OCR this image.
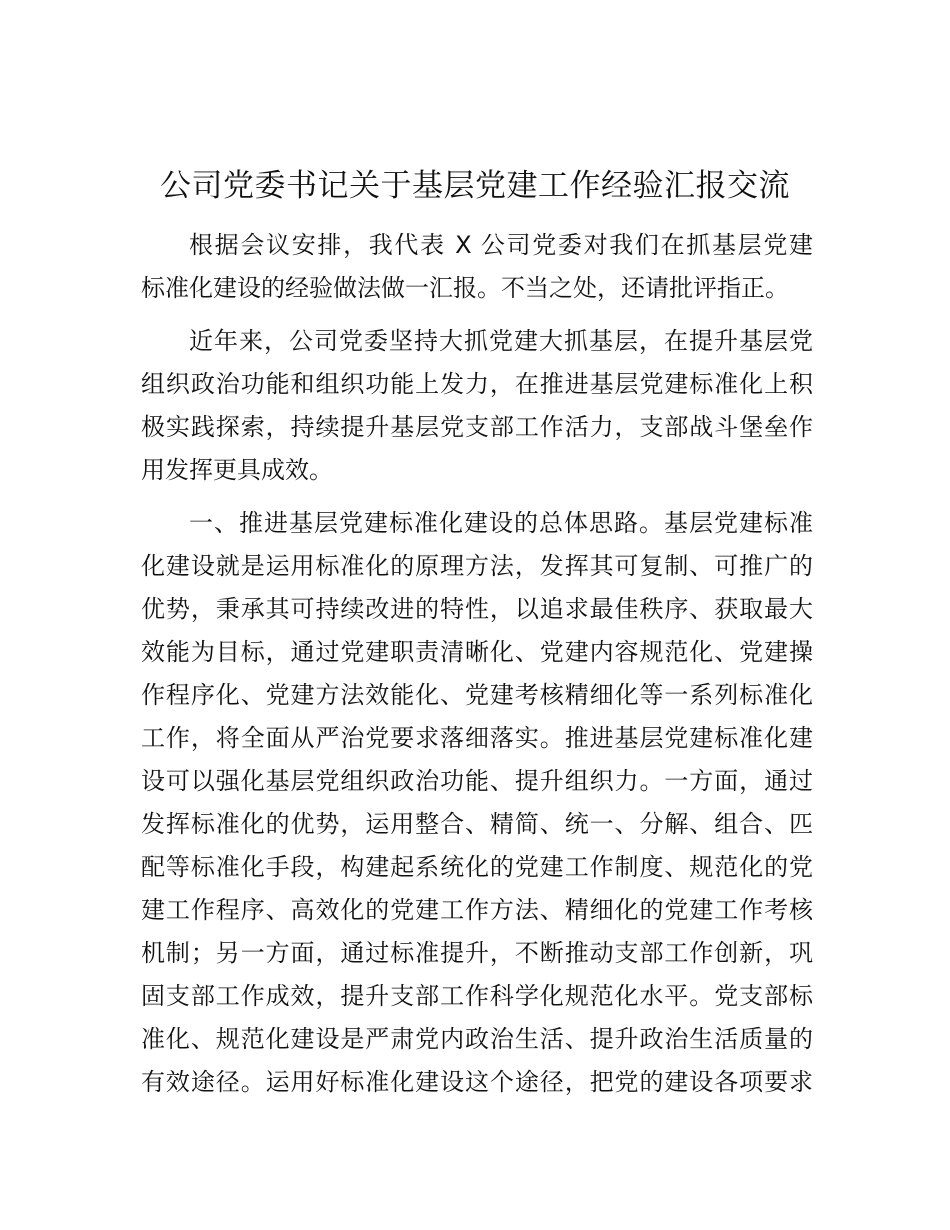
公司党委书记关于基层党建工作经验汇报交流
根据会议安排，我代表 X 公司党委对我们在抓基层党建
标准化建设的经验做法做一汇报。不当之处，还请批评指正。
近年来，公司党委坚持大抓党建大抓基层，在提升基层党
组织政治功能和组织功能上发力，在推进基层党建标准化上积
极实践探索，持续提升基层党支部工作活力，支部战斗堡垒作
用发挥更具成效。
一、推进基层党建标准化建设的总体思路。基层党建标准
化建设就是运用标准化的原理方法，发挥其可复制、可推广的
优势，秉承其可持续改进的特性，以追求最佳秩序、获取最大
效能为目标，通过党建职责清晰化、党建内容规范化、党建操
作程序化、党建方法效能化、党建考核精细化等一系列标准化
工作，将全面从严治党要求落细落实。推进基层党建标准化建
设可以强化基层党组织政治功能、提升组织力。一方面，通过
发挥标准化的优势，运用整合、精简、统一、分解、组合、匹
配等标准化手段，构建起系统化的党建工作制度、规范化的党
建工作程序、高效化的党建工作方法、精细化的党建工作考核
机制；另一方面，通过标准提升，不断推动支部工作创新，巩
固支部工作成效，提升支部工作科学化规范化水平。党支部标
准化、规范化建设是严肃党内政治生活、提升政治生活质量的
有效途径。运用好标准化建设这个途径，把党的建设各项要求
